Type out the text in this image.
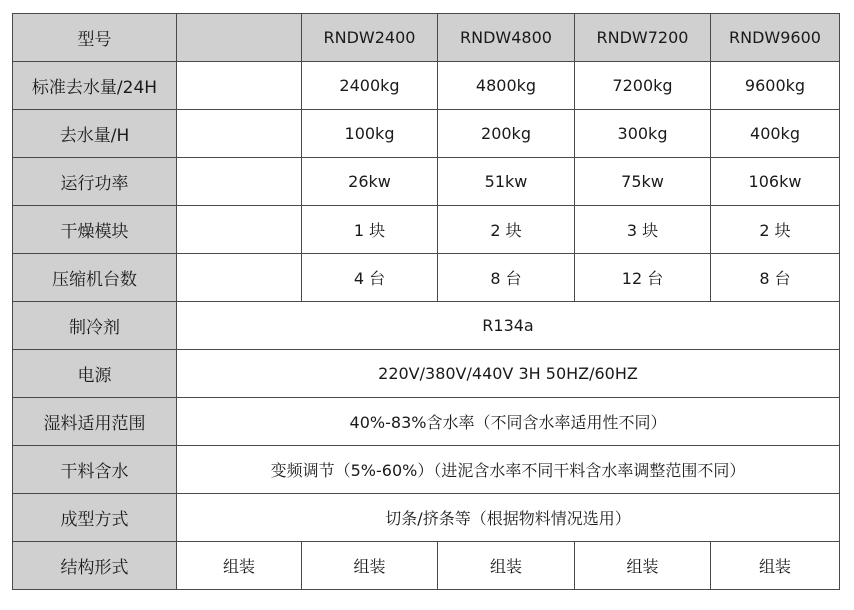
型号		RNDW2400	RNDW4800	RNDW7200	RNDW9600
标准去水量/24H		2400kg	4800kg	7200kg	9600kg
去水量/H		100kg	200kg	300kg	400kg
运行功率		26kw	51kw	75kw	106kw
干燥模块		1 块	2 块	3 块	2 块
压缩机台数		4 台	8 台	12 台	8 台
制冷剂	R134a				
电源	220V/380V/440V 3H 50HZ/60HZ				
湿料适用范围	40%-83%含水率（不同含水率适用性不同）				
干料含水	变频调节（5%-60%）（进泥含水率不同干料含水率调整范围不同）				
成型方式	切条/挤条等（根据物料情况选用）				
结构形式	组装	组装	组装	组装	组装
